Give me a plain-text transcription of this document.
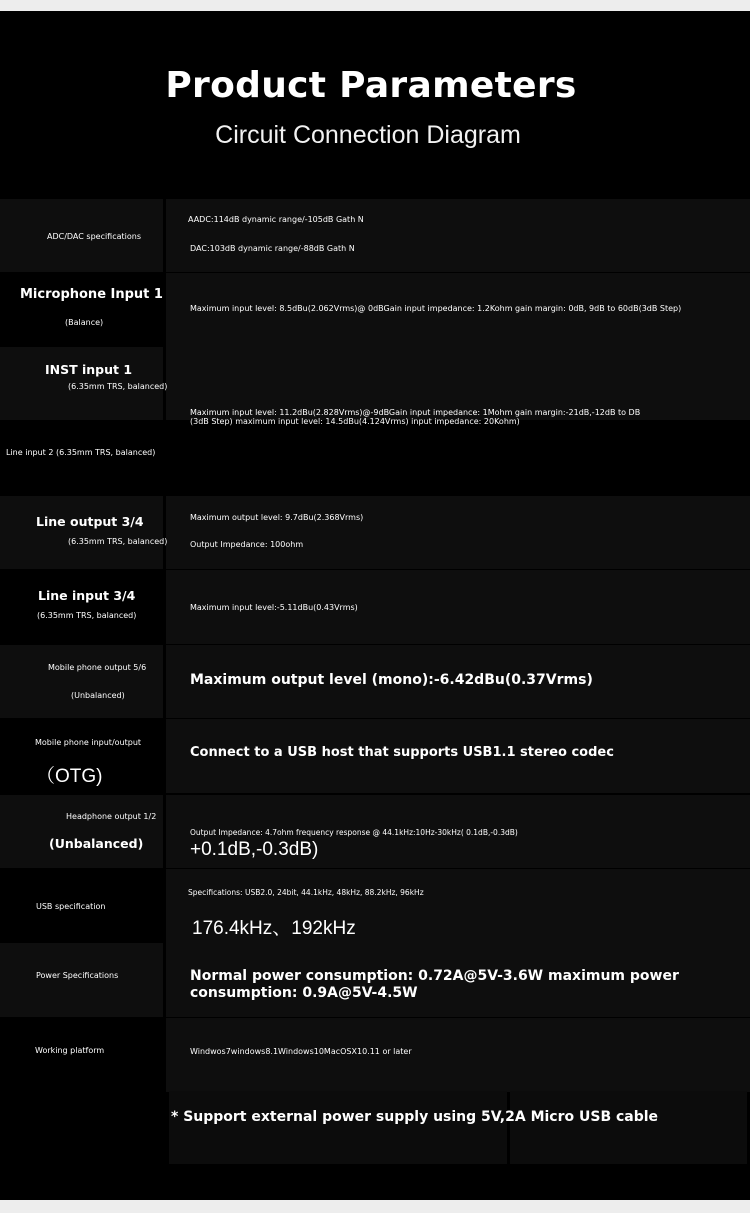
Product Parameters
Circuit Connection Diagram
ADC/DAC specifications
AADC:114dB dynamic range/-105dB Gath N
DAC:103dB dynamic range/-88dB Gath N
Microphone Input 1
(Balance)
Maximum input level: 8.5dBu(2.062Vrms)@ 0dBGain input impedance: 1.2Kohm gain margin: 0dB, 9dB to 60dB(3dB Step)
INST input 1
(6.35mm TRS, balanced)
Line input 2 (6.35mm TRS, balanced)
Maximum input level: 11.2dBu(2.828Vrms)@-9dBGain input impedance: 1Mohm gain margin:-21dB,-12dB to DB (3dB Step) maximum input level: 14.5dBu(4.124Vrms) input impedance: 20Kohm)
Line output 3/4
(6.35mm TRS, balanced)
Maximum output level: 9.7dBu(2.368Vrms)
Output Impedance: 100ohm
Line input 3/4
(6.35mm TRS, balanced)
Maximum input level:-5.11dBu(0.43Vrms)
Mobile phone output 5/6
(Unbalanced)
Maximum output level (mono):-6.42dBu(0.37Vrms)
Mobile phone input/output
（OTG)
Connect to a USB host that supports USB1.1 stereo codec
Headphone output 1/2
(Unbalanced)
Output Impedance: 4.7ohm frequency response @ 44.1kHz:10Hz-30kHz( 0.1dB,-0.3dB)
+0.1dB,-0.3dB)
USB specification
Specifications: USB2.0, 24bit, 44.1kHz, 48kHz, 88.2kHz, 96kHz
176.4kHz、192kHz
Power Specifications	Normal power consumption: 0.72A@5V-3.6W maximum power consumption: 0.9A@5V-4.5W
Working platform	Windwos7windows8.1Windows10MacOSX10.11 or later
* Support external power supply using 5V,2A Micro USB cable
